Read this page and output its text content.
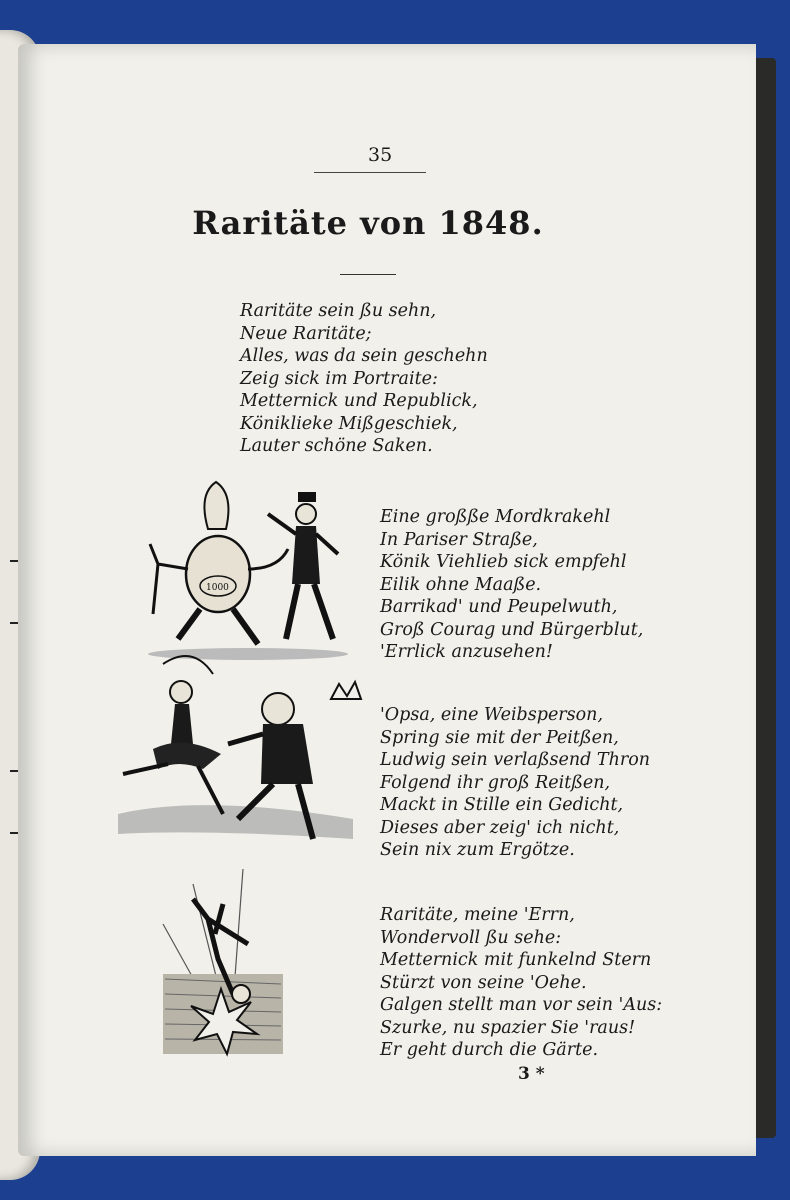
35
Raritäte von 1848.
Raritäte sein ßu sehn,
Neue Raritäte;
Alles, was da sein geschehn
Zeig sick im Portraite:
Metternick und Republick,
Köniklieke Mißgeschiek,
Lauter schöne Saken.
1000
Eine großße Mordkrakehl
In Pariser Straße,
Könik Viehlieb sick empfehl
Eilik ohne Maaße.
Barrikad' und Peupelwuth,
Groß Courag und Bürgerblut,
'Errlick anzusehen!
'Opsa, eine Weibsperson,
Spring sie mit der Peitßen,
Ludwig sein verlaßsend Thron
Folgend ihr groß Reitßen,
Mackt in Stille ein Gedicht,
Dieses aber zeig' ich nicht,
Sein nix zum Ergötze.
Raritäte, meine 'Errn,
Wondervoll ßu sehe:
Metternick mit funkelnd Stern
Stürzt von seine 'Oehe.
Galgen stellt man vor sein 'Aus:
Szurke, nu spazier Sie 'raus!
Er geht durch die Gärte.
3 *
